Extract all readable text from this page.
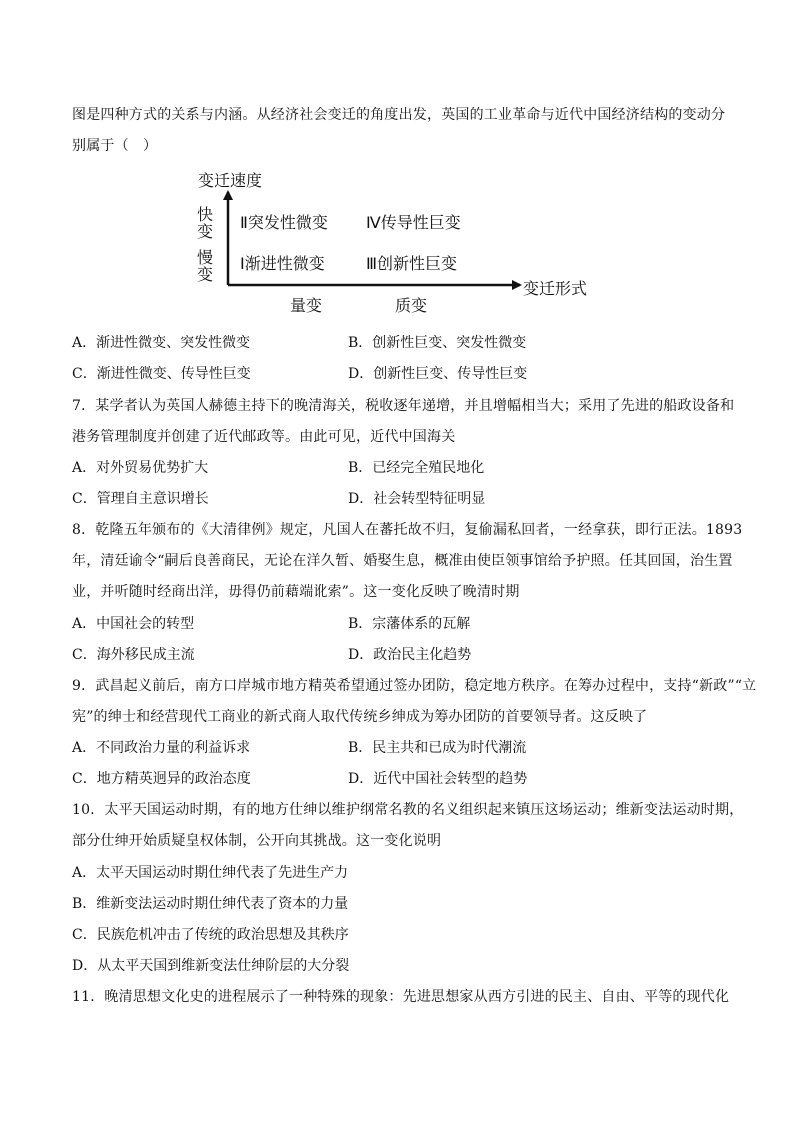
图是四种方式的关系与内涵。从经济社会变迁的角度出发，英国的工业革命与近代中国经济结构的变动分
别属于（　）
变迁速度
变迁形式
快
变
慢
变
Ⅱ突发性微变 Ⅳ传导性巨变
Ⅰ渐进性微变	Ⅲ创新性巨变
量变	质变
A．渐进性微变、突发性微变	B．创新性巨变、突发性微变
C．渐进性微变、传导性巨变	D．创新性巨变、传导性巨变
7．某学者认为英国人赫德主持下的晚清海关，税收逐年递增，并且增幅相当大；采用了先进的船政设备和
港务管理制度并创建了近代邮政等。由此可见，近代中国海关
A．对外贸易优势扩大	B．已经完全殖民地化
C．管理自主意识增长	D．社会转型特征明显
8．乾隆五年颁布的《大清律例》规定，凡国人在蕃托故不归，复偷漏私回者，一经拿获，即行正法。1893
年，清廷谕令“嗣后良善商民，无论在洋久暂、婚娶生息，概准由使臣领事馆给予护照。任其回国，治生置
业，并听随时经商出洋，毋得仍前藉端讹索”。这一变化反映了晚清时期
A．中国社会的转型	B．宗藩体系的瓦解
C．海外移民成主流	D．政治民主化趋势
9．武昌起义前后，南方口岸城市地方精英希望通过签办团防，稳定地方秩序。在筹办过程中，支持“新政”“立
宪”的绅士和经营现代工商业的新式商人取代传统乡绅成为筹办团防的首要领导者。这反映了
A．不同政治力量的利益诉求	B．民主共和已成为时代潮流
C．地方精英迥异的政治态度	D．近代中国社会转型的趋势
10．太平天国运动时期，有的地方仕绅以维护纲常名教的名义组织起来镇压这场运动；维新变法运动时期，
部分仕绅开始质疑皇权体制，公开向其挑战。这一变化说明
A．太平天国运动时期仕绅代表了先进生产力
B．维新变法运动时期仕绅代表了资本的力量
C．民族危机冲击了传统的政治思想及其秩序
D．从太平天国到维新变法仕绅阶层的大分裂
11．晚清思想文化史的进程展示了一种特殊的现象：先进思想家从西方引进的民主、自由、平等的现代化
